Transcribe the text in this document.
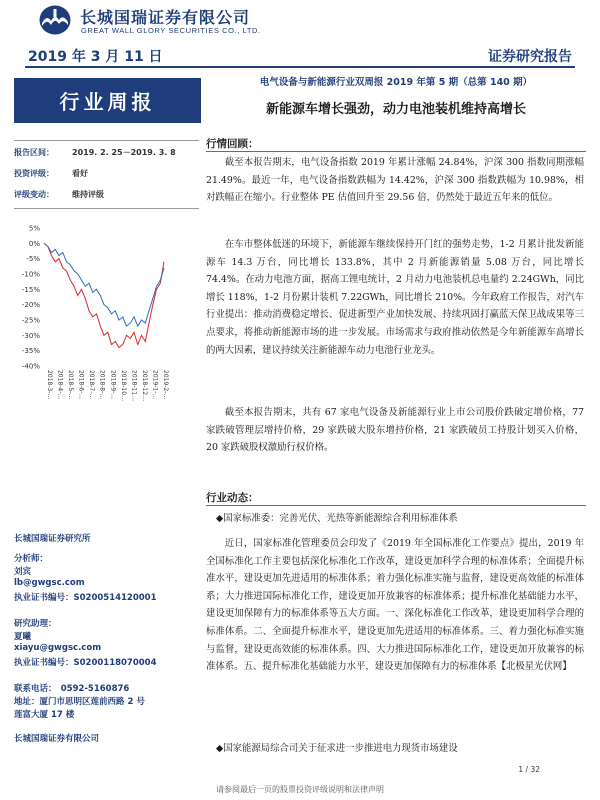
长城国瑞证券有限公司
GREAT WALL GLORY SECURITIES CO., LTD.
2019 年 3 月 11 日	证券研究报告
行业周报
电气设备与新能源行业双周报 2019 年第 5 期（总第 140 期）
新能源车增长强劲，动力电池装机维持高增长
报告区间： 2019. 2. 25－2019. 3. 8
投资评级： 看好
评级变动： 维持评级
5%
0%
-5%
-10%
-15%
-20%
-25%
-30%
-35%
-40%
2018-3-… 2018-4-… 2018-5-… 2018-6-… 2018-7-… 2018-8-… 2018-9-… 2018-10… 2018-11… 2018-12… 2019-1-… 2019-2-…
长城国瑞证券研究所
分析师：
刘宾
lb@gwgsc.com
执业证书编号：S0200514120001
研究助理：
夏曦
xiayu@gwgsc.com
执业证书编号：S0200118070004
联系电话：　0592-5160876
地址：厦门市思明区莲前西路 2 号
莲富大厦 17 楼
长城国瑞证券有限公司
行情回顾：
截至本报告期末，电气设备指数 2019 年累计涨幅 24.84%，沪深 300 指数同期涨幅 21.49%。最近一年，电气设备指数跌幅为 14.42%，沪深 300 指数跌幅为 10.98%，相对跌幅正在缩小。行业整体 PE 估值回升至 29.56 倍，仍然处于最近五年来的低位。
在车市整体低迷的环境下，新能源车继续保持开门红的强势走势，1-2 月累计批发新能源车 14.3 万台，同比增长 133.8%，其中 2 月新能源销量 5.08 万台，同比增长 74.4%。在动力电池方面，据高工锂电统计，2 月动力电池装机总电量约 2.24GWh，同比增长 118%，1-2 月份累计装机 7.22GWh，同比增长 210%。今年政府工作报告，对汽车行业提出：推动消费稳定增长、促进新型产业加快发展、持续巩固打赢蓝天保卫战成果等三点要求，将推动新能源市场的进一步发展。市场需求与政府推动依然是今年新能源车高增长的两大因素，建议持续关注新能源车动力电池行业龙头。
截至本报告期末，共有 67 家电气设备及新能源行业上市公司股价跌破定增价格，77 家跌破管理层增持价格，29 家跌破大股东增持价格，21 家跌破员工持股计划买入价格，20 家跌破股权激励行权价格。
行业动态：
◆国家标准委：完善光伏、光热等新能源综合利用标准体系
近日，国家标准化管理委员会印发了《2019 年全国标准化工作要点》提出，2019 年全国标准化工作主要包括深化标准化工作改革，建设更加科学合理的标准体系；全面提升标准水平，建设更加先进适用的标准体系；着力强化标准实施与监督，建设更高效能的标准体系；大力推进国际标准化工作，建设更加开放兼容的标准体系；提升标准化基础能力水平，建设更加保障有力的标准体系等五大方面。一、深化标准化工作改革，建设更加科学合理的标准体系。二、全面提升标准水平，建设更加先进适用的标准体系。三、着力强化标准实施与监督，建设更高效能的标准体系。四、大力推进国际标准化工作，建设更加开放兼容的标准体系。五、提升标准化基础能力水平，建设更加保障有力的标准体系【北极星光伏网】
◆国家能源局综合司关于征求进一步推进电力现货市场建设
1 / 32
请参阅最后一页的股票投资评级说明和法律声明
